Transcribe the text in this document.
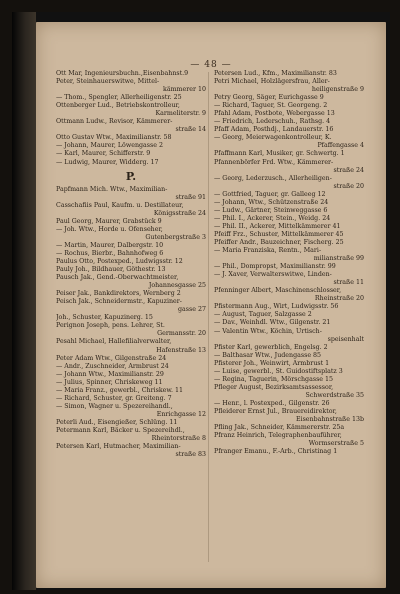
— 48 —
Ott Mar, Ingenieursbuchn.,Eisenbahnst.9
Peter, Steinhauerswitwe, Mittel-
kämmerer 10
— Thom., Spengler, Allerheiligenstr. 25
Ottenberger Lud., Betriebskontrolleur,
Karmeliterstr. 9
Ottmann Ludw., Revisor, Kämmerer-
straße 14
Otto Gustav Wtw., Maximilianstr. 58
— Johann, Maurer, Löwengasse 2
— Karl, Maurer, Schifferstr. 9
— Ludwig, Maurer, Widderg. 17
P.
Papfmann Mich. Wtw., Maximilian-
straße 91
Casschafiis Paul, Kaufm. u. Destillateur,
Königsstraße 24
Paul Georg, Maurer, Grabstück 9
— Joh. Wtw., Horde u. Ofenseher,
Gutenbergstraße 3
— Martin, Maurer, Dalbergstr. 10
— Rochus, Bierbr., Bahnhofweg 6
Paulus Otto, Postexped., Ludwigsstr. 12
Pauly Joh., Bildhauer, Göthestr. 13
Pausch Jak., Gend.-Oberwachtmeister,
Johannesgasse 25
Peiser Jak., Bankdirektors, Wernberg 2
Peisch Jak., Schneidermstr., Kapuziner-
gasse 27
Joh., Schuster, Kapuzinerg. 15
Perignon Joseph, pens. Lehrer, St.
Germansstr. 20
Pesahl Michael, Hallefilialverwalter,
Hafenstraße 13
Peter Adam Wtw., Gilgenstraße 24
— Andr., Zuschneider, Armbrust 24
— Johann Wtw., Maximilianstr. 29
— Julius, Spinner, Chriskeweg 11
— Maria Franz., gewerbl., Chriskew. 11
— Richard, Schuster, gr. Greiteng. 7
— Simon, Wagner u. Spezereihandl.,
Enrichgasse 12
Peterli Aud., Eisengießer, Schlüng. 11
Petermann Karl, Bäcker u. Spezereihdl.,
Rheintorstraße 8
Petersen Karl, Hutmacher, Maximilian-
straße 83
Petersen Lud., Kfm., Maximilianstr. 83
Petri Michael, Holzlägersfrau, Aller-
heiligenstraße 9
Petry Georg, Säger, Eurichgasse 9
— Richard, Taguer, St. Georgeng. 2
Pfahl Adam, Postbote, Webergasse 13
— Friedrich, Lederschuh., Rathsg. 4
Pfaff Adam, Posthdj., Landauerstr. 16
— Georg, Meierwagenkontrolleur, K.
Pfaffengasse 4
Pfaffmann Karl, Musiker, gr. Schwertg. 1
Pfannenbörfer Frd. Wtw., Kämmerer-
straße 24
— Georg, Lederzusch., Allerheiligen-
straße 20
— Gottfried, Taguer, gr. Galleeg 12
— Johann, Wtw., Schützenstraße 24
— Ludw., Gärtner, Steinweggasse 6
— Phil. I., Ackerer, Stein., Weidg. 24
— Phil. II., Ackerer, Mittelkämmerer 41
Pfeiff Frz., Schuster, Mittelkämmerer 45
Pfeiffer Andr., Bauzeichner, Fischerg. 25
— Maria Franziska, Rentn., Mari-
milianstraße 99
— Phil., Dompropst, Maximilianstr. 99
— J. Xaver, Verwalterswitwe, Linden-
straße 11
Pfenninger Albert, Maschinenschlosser,
Rheinstraße 20
Pfistermann Aug., Wirt, Ludwigsstr. 56
— August, Taguer, Salzgasse 2
— Dav., Weinhdl. Wtw., Gilgenstr. 21
— Valentin Wtw., Köchin, Urtisch-
speisenhalt
Pfister Karl, gewerblich, Engelsg. 2
— Balthasar Wtw., Judengasse 85
Pfisterer Joh., Weinwirt, Armbrust 1
— Luise, gewerbl., St. Guidostiftsplatz 3
— Regina, Taguerin, Mörschgasse 15
Pfleger August, Bezirksamtsassessor,
Schwerdstraße 35
— Henr., l. Postexped., Gilgenstr. 26
Pfleiderer Ernst Jul., Brauereidirektor,
Eisenbahnstraße 13b
Pfling Jak., Schneider, Kämmererstr. 25a
Pfranz Heinrich, Telegraphenbauführer,
Wormserstraße 5
Pfranger Emanu., F.-Arb., Christinag 1
